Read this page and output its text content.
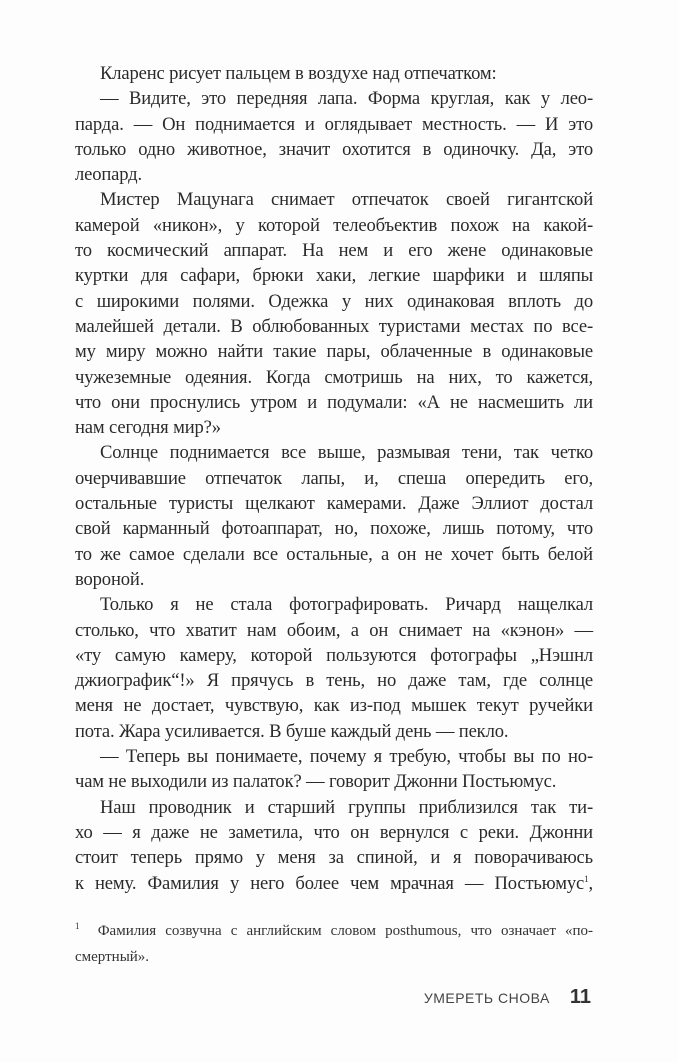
Кларенс рисует пальцем в воздухе над отпечатком:
— Видите, это передняя лапа. Форма круглая, как у лео-
парда. — Он поднимается и оглядывает местность. — И это
только одно животное, значит охотится в одиночку. Да, это
леопард.
Мистер Мацунага снимает отпечаток своей гигантской
камерой «никон», у которой телеобъектив похож на какой-
то космический аппарат. На нем и его жене одинаковые
куртки для сафари, брюки хаки, легкие шарфики и шляпы
с широкими полями. Одежка у них одинаковая вплоть до
малейшей детали. В облюбованных туристами местах по все-
му миру можно найти такие пары, облаченные в одинаковые
чужеземные одеяния. Когда смотришь на них, то кажется,
что они проснулись утром и подумали: «А не насмешить ли
нам сегодня мир?»
Солнце поднимается все выше, размывая тени, так четко
очерчивавшие отпечаток лапы, и, спеша опередить его,
остальные туристы щелкают камерами. Даже Эллиот достал
свой карманный фотоаппарат, но, похоже, лишь потому, что
то же самое сделали все остальные, а он не хочет быть белой
вороной.
Только я не стала фотографировать. Ричард нащелкал
столько, что хватит нам обоим, а он снимает на «кэнон» —
«ту самую камеру, которой пользуются фотографы „Нэшнл
джиографик“!» Я прячусь в тень, но даже там, где солнце
меня не достает, чувствую, как из-под мышек текут ручейки
пота. Жара усиливается. В буше каждый день — пекло.
— Теперь вы понимаете, почему я требую, чтобы вы по но-
чам не выходили из палаток? — говорит Джонни Постьюмус.
Наш проводник и старший группы приблизился так ти-
хо — я даже не заметила, что он вернулся с реки. Джонни
стоит теперь прямо у меня за спиной, и я поворачиваюсь
к нему. Фамилия у него более чем мрачная — Постьюмус$^1$,
$^1$ Фамилия созвучна с английским словом posthumous, что означает «по-
смертный».
УМЕРЕТЬ СНОВА 11
